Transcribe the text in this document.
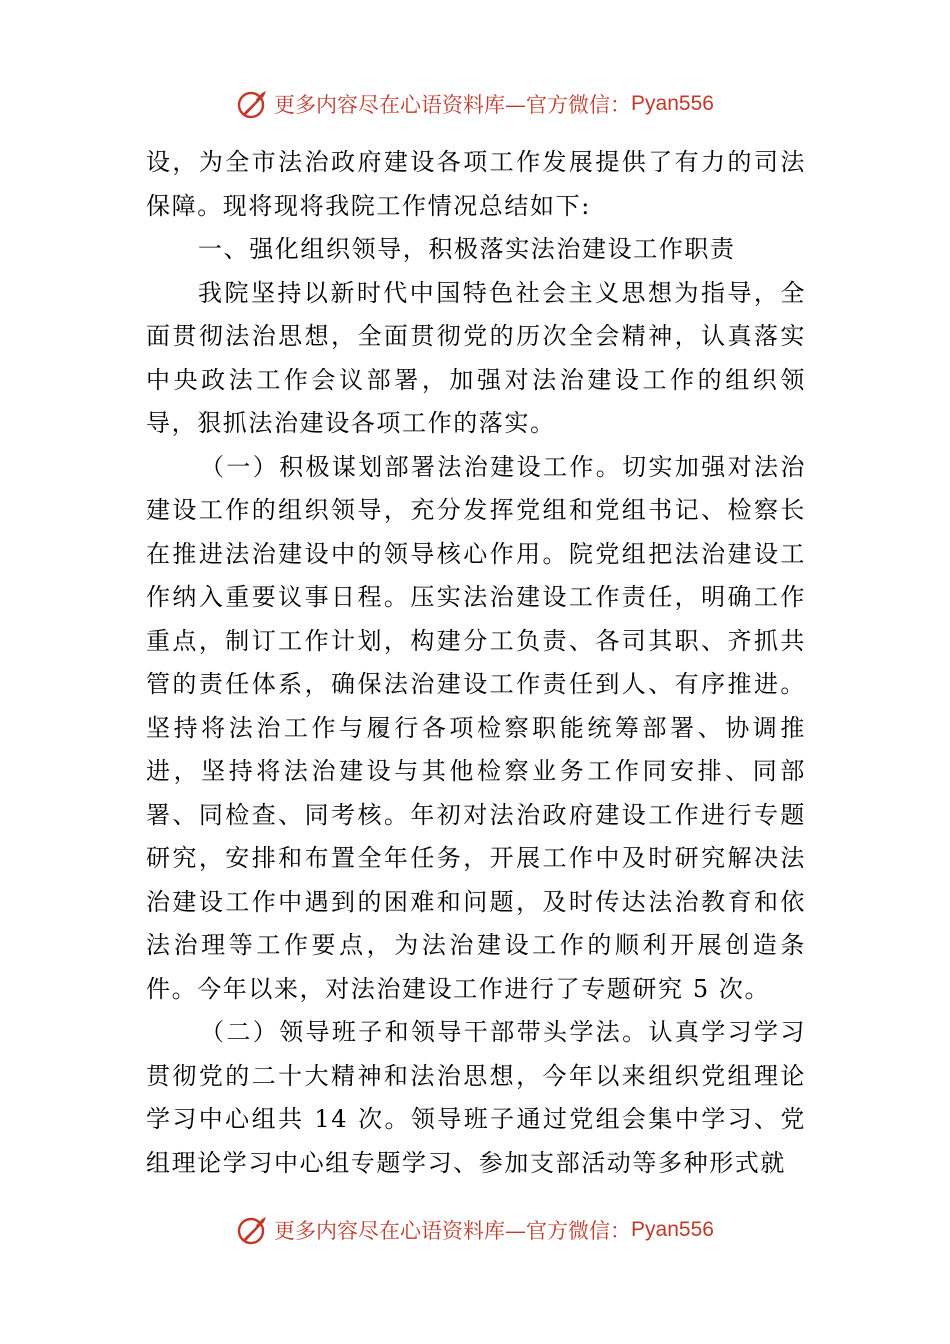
更多内容尽在心语资料库—官方微信： Pyan556

设，为全市法治政府建设各项工作发展提供了有力的司法保障。现将现将我院工作情况总结如下:

一、强化组织领导，积极落实法治建设工作职责

我院坚持以新时代中国特色社会主义思想为指导，全面贯彻法治思想，全面贯彻党的历次全会精神，认真落实中央政法工作会议部署，加强对法治建设工作的组织领导，狠抓法治建设各项工作的落实。

（一）积极谋划部署法治建设工作。切实加强对法治建设工作的组织领导，充分发挥党组和党组书记、检察长在推进法治建设中的领导核心作用。院党组把法治建设工作纳入重要议事日程。压实法治建设工作责任，明确工作重点，制订工作计划，构建分工负责、各司其职、齐抓共管的责任体系，确保法治建设工作责任到人、有序推进。坚持将法治工作与履行各项检察职能统筹部署、协调推进，坚持将法治建设与其他检察业务工作同安排、同部署、同检查、同考核。年初对法治政府建设工作进行专题研究，安排和布置全年任务，开展工作中及时研究解决法治建设工作中遇到的困难和问题，及时传达法治教育和依法治理等工作要点，为法治建设工作的顺利开展创造条件。今年以来，对法治建设工作进行了专题研究 5 次。

（二）领导班子和领导干部带头学法。认真学习学习贯彻党的二十大精神和法治思想，今年以来组织党组理论学习中心组共 14 次。领导班子通过党组会集中学习、党组理论学习中心组专题学习、参加支部活动等多种形式就

更多内容尽在心语资料库—官方微信： Pyan556
